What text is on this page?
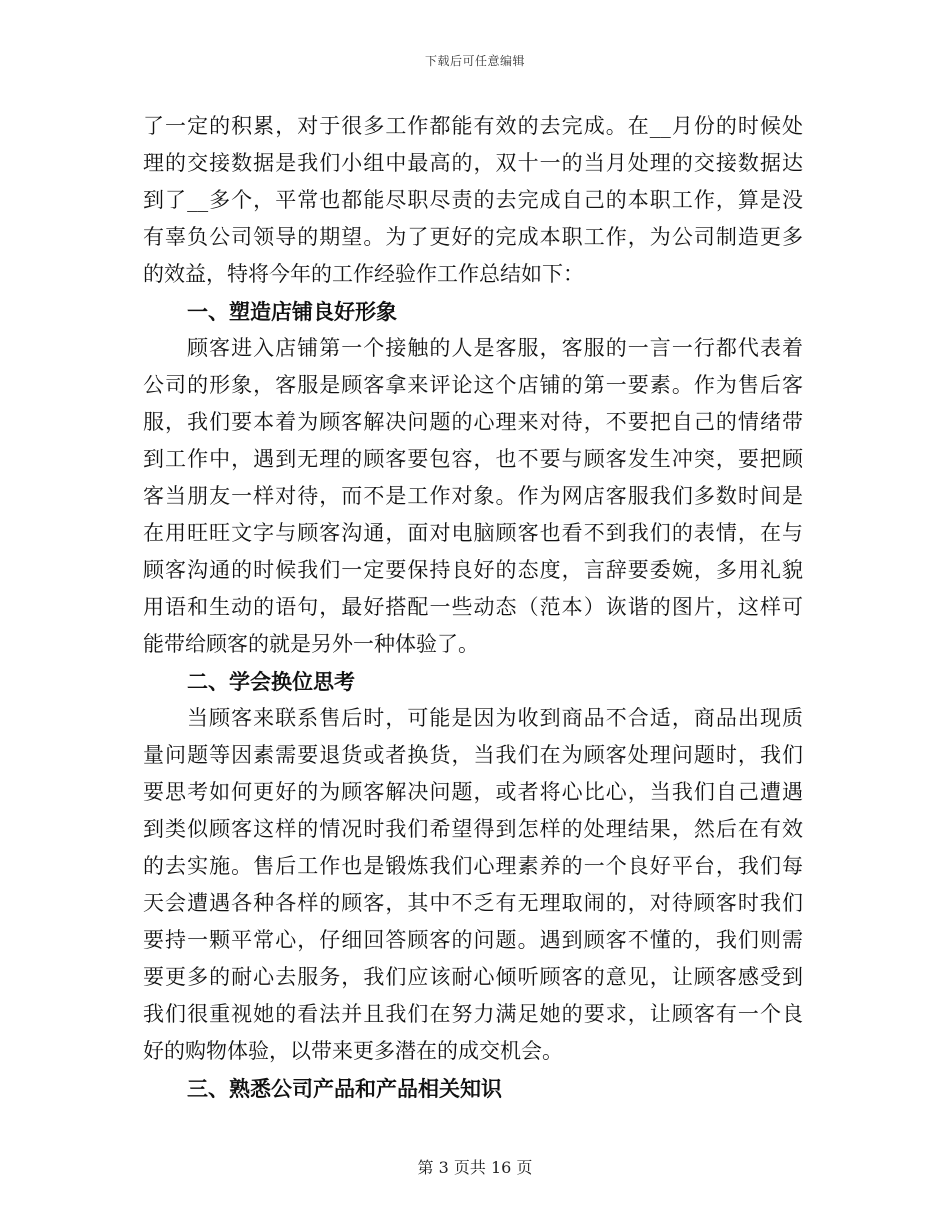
下载后可任意编辑
了一定的积累，对于很多工作都能有效的去完成。在__月份的时候处
理的交接数据是我们小组中最高的，双十一的当月处理的交接数据达
到了__多个，平常也都能尽职尽责的去完成自己的本职工作，算是没
有辜负公司领导的期望。为了更好的完成本职工作，为公司制造更多
的效益，特将今年的工作经验作工作总结如下：
一、塑造店铺良好形象
顾客进入店铺第一个接触的人是客服，客服的一言一行都代表着
公司的形象，客服是顾客拿来评论这个店铺的第一要素。作为售后客
服，我们要本着为顾客解决问题的心理来对待，不要把自己的情绪带
到工作中，遇到无理的顾客要包容，也不要与顾客发生冲突，要把顾
客当朋友一样对待，而不是工作对象。作为网店客服我们多数时间是
在用旺旺文字与顾客沟通，面对电脑顾客也看不到我们的表情，在与
顾客沟通的时候我们一定要保持良好的态度，言辞要委婉，多用礼貌
用语和生动的语句，最好搭配一些动态（范本）诙谐的图片，这样可
能带给顾客的就是另外一种体验了。
二、学会换位思考
当顾客来联系售后时，可能是因为收到商品不合适，商品出现质
量问题等因素需要退货或者换货，当我们在为顾客处理问题时，我们
要思考如何更好的为顾客解决问题，或者将心比心，当我们自己遭遇
到类似顾客这样的情况时我们希望得到怎样的处理结果，然后在有效
的去实施。售后工作也是锻炼我们心理素养的一个良好平台，我们每
天会遭遇各种各样的顾客，其中不乏有无理取闹的，对待顾客时我们
要持一颗平常心，仔细回答顾客的问题。遇到顾客不懂的，我们则需
要更多的耐心去服务，我们应该耐心倾听顾客的意见，让顾客感受到
我们很重视她的看法并且我们在努力满足她的要求，让顾客有一个良
好的购物体验，以带来更多潜在的成交机会。
三、熟悉公司产品和产品相关知识
第 3 页共 16 页
